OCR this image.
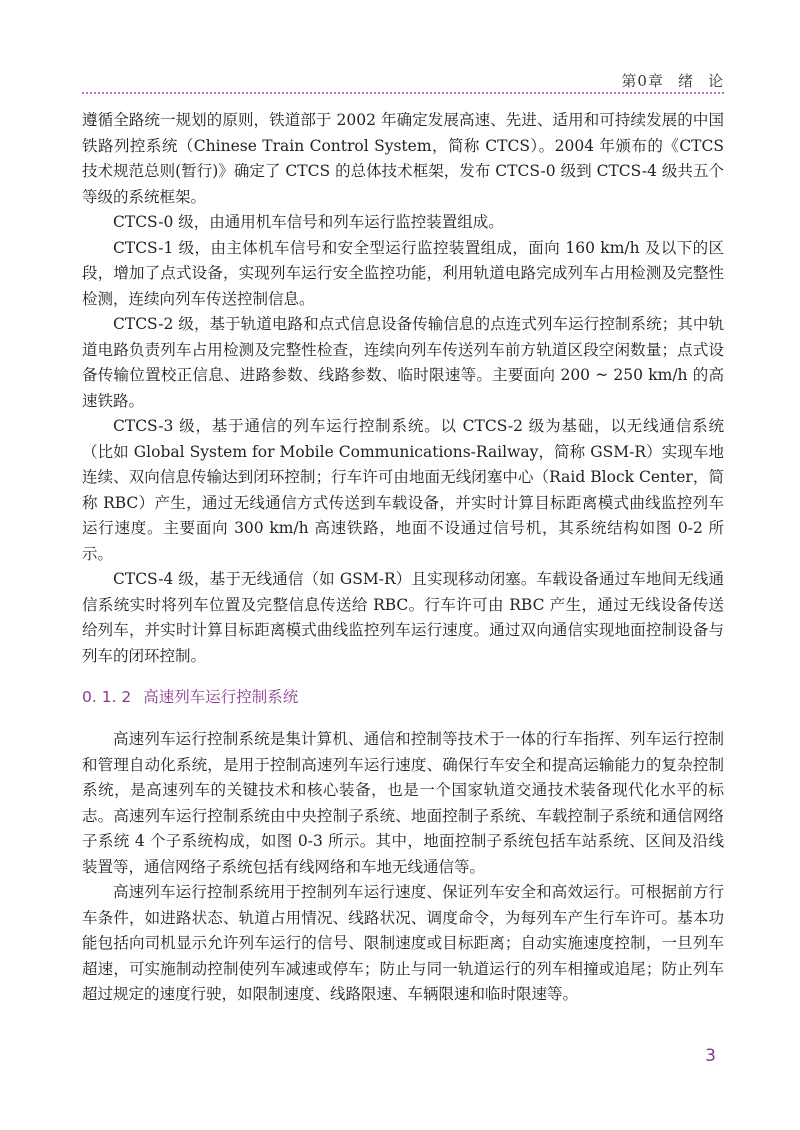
第0章 绪 论

遵循全路统一规划的原则，铁道部于 2002 年确定发展高速、先进、适用和可持续发展的中国铁路列控系统（Chinese Train Control System，简称 CTCS）。2004 年颁布的《CTCS 技术规范总则(暂行)》确定了 CTCS 的总体技术框架，发布 CTCS-0 级到 CTCS-4 级共五个等级的系统框架。

CTCS-0 级，由通用机车信号和列车运行监控装置组成。

CTCS-1 级，由主体机车信号和安全型运行监控装置组成，面向 160 km/h 及以下的区段，增加了点式设备，实现列车运行安全监控功能，利用轨道电路完成列车占用检测及完整性检测，连续向列车传送控制信息。

CTCS-2 级，基于轨道电路和点式信息设备传输信息的点连式列车运行控制系统；其中轨道电路负责列车占用检测及完整性检查，连续向列车传送列车前方轨道区段空闲数量；点式设备传输位置校正信息、进路参数、线路参数、临时限速等。主要面向 200 ~ 250 km/h 的高速铁路。

CTCS-3 级，基于通信的列车运行控制系统。以 CTCS-2 级为基础，以无线通信系统（比如 Global System for Mobile Communications-Railway，简称 GSM-R）实现车地连续、双向信息传输达到闭环控制；行车许可由地面无线闭塞中心（Raid Block Center，简称 RBC）产生，通过无线通信方式传送到车载设备，并实时计算目标距离模式曲线监控列车运行速度。主要面向 300 km/h 高速铁路，地面不设通过信号机，其系统结构如图 0-2 所示。

CTCS-4 级，基于无线通信（如 GSM-R）且实现移动闭塞。车载设备通过车地间无线通信系统实时将列车位置及完整信息传送给 RBC。行车许可由 RBC 产生，通过无线设备传送给列车，并实时计算目标距离模式曲线监控列车运行速度。通过双向通信实现地面控制设备与列车的闭环控制。

0. 1. 2 高速列车运行控制系统

高速列车运行控制系统是集计算机、通信和控制等技术于一体的行车指挥、列车运行控制和管理自动化系统，是用于控制高速列车运行速度、确保行车安全和提高运输能力的复杂控制系统，是高速列车的关键技术和核心装备，也是一个国家轨道交通技术装备现代化水平的标志。高速列车运行控制系统由中央控制子系统、地面控制子系统、车载控制子系统和通信网络子系统 4 个子系统构成，如图 0-3 所示。其中，地面控制子系统包括车站系统、区间及沿线装置等，通信网络子系统包括有线网络和车地无线通信等。

高速列车运行控制系统用于控制列车运行速度、保证列车安全和高效运行。可根据前方行车条件，如进路状态、轨道占用情况、线路状况、调度命令，为每列车产生行车许可。基本功能包括向司机显示允许列车运行的信号、限制速度或目标距离；自动实施速度控制，一旦列车超速，可实施制动控制使列车减速或停车；防止与同一轨道运行的列车相撞或追尾；防止列车超过规定的速度行驶，如限制速度、线路限速、车辆限速和临时限速等。

3
